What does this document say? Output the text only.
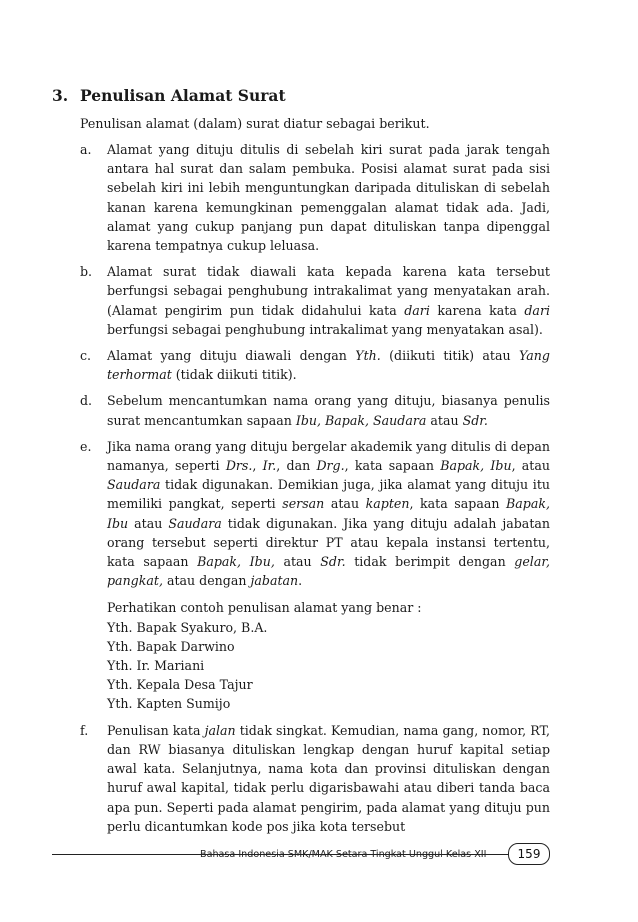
3. Penulisan Alamat Surat

Penulisan alamat (dalam) surat diatur sebagai berikut.

a. Alamat yang dituju ditulis di sebelah kiri surat pada jarak tengah antara hal surat dan salam pembuka. Posisi alamat surat pada sisi sebelah kiri ini lebih menguntungkan daripada dituliskan di sebelah kanan karena kemungkinan pemenggalan alamat tidak ada. Jadi, alamat yang cukup panjang pun dapat dituliskan tanpa dipenggal karena tempatnya cukup leluasa.

b. Alamat surat tidak diawali kata kepada karena kata tersebut berfungsi sebagai penghubung intrakalimat yang menyatakan arah. (Alamat pengirim pun tidak didahului kata dari karena kata dari berfungsi sebagai penghubung intrakalimat yang menyatakan asal).

c. Alamat yang dituju diawali dengan Yth. (diikuti titik) atau Yang terhormat (tidak diikuti titik).

d. Sebelum mencantumkan nama orang yang dituju, biasanya penulis surat mencantumkan sapaan Ibu, Bapak, Saudara atau Sdr.

e. Jika nama orang yang dituju bergelar akademik yang ditulis di depan namanya, seperti Drs., Ir., dan Drg., kata sapaan Bapak, Ibu, atau Saudara tidak digunakan. Demikian juga, jika alamat yang dituju itu memiliki pangkat, seperti sersan atau kapten, kata sapaan Bapak, Ibu atau Saudara tidak digunakan. Jika yang dituju adalah jabatan orang tersebut seperti direktur PT atau kepala instansi tertentu, kata sapaan Bapak, Ibu, atau Sdr. tidak berimpit dengan gelar, pangkat, atau dengan jabatan.

Perhatikan contoh penulisan alamat yang benar :

Yth. Bapak Syakuro, B.A.

Yth. Bapak Darwino

Yth. Ir. Mariani

Yth. Kepala Desa Tajur

Yth. Kapten Sumijo

f. Penulisan kata jalan tidak singkat. Kemudian, nama gang, nomor, RT, dan RW biasanya dituliskan lengkap dengan huruf kapital setiap awal kata. Selanjutnya, nama kota dan provinsi dituliskan dengan huruf awal kapital, tidak perlu digarisbawahi atau diberi tanda baca apa pun. Seperti pada alamat pengirim, pada alamat yang dituju pun perlu dicantumkan kode pos jika kota tersebut

Bahasa Indonesia SMK/MAK Setara Tingkat Unggul Kelas XII	159
